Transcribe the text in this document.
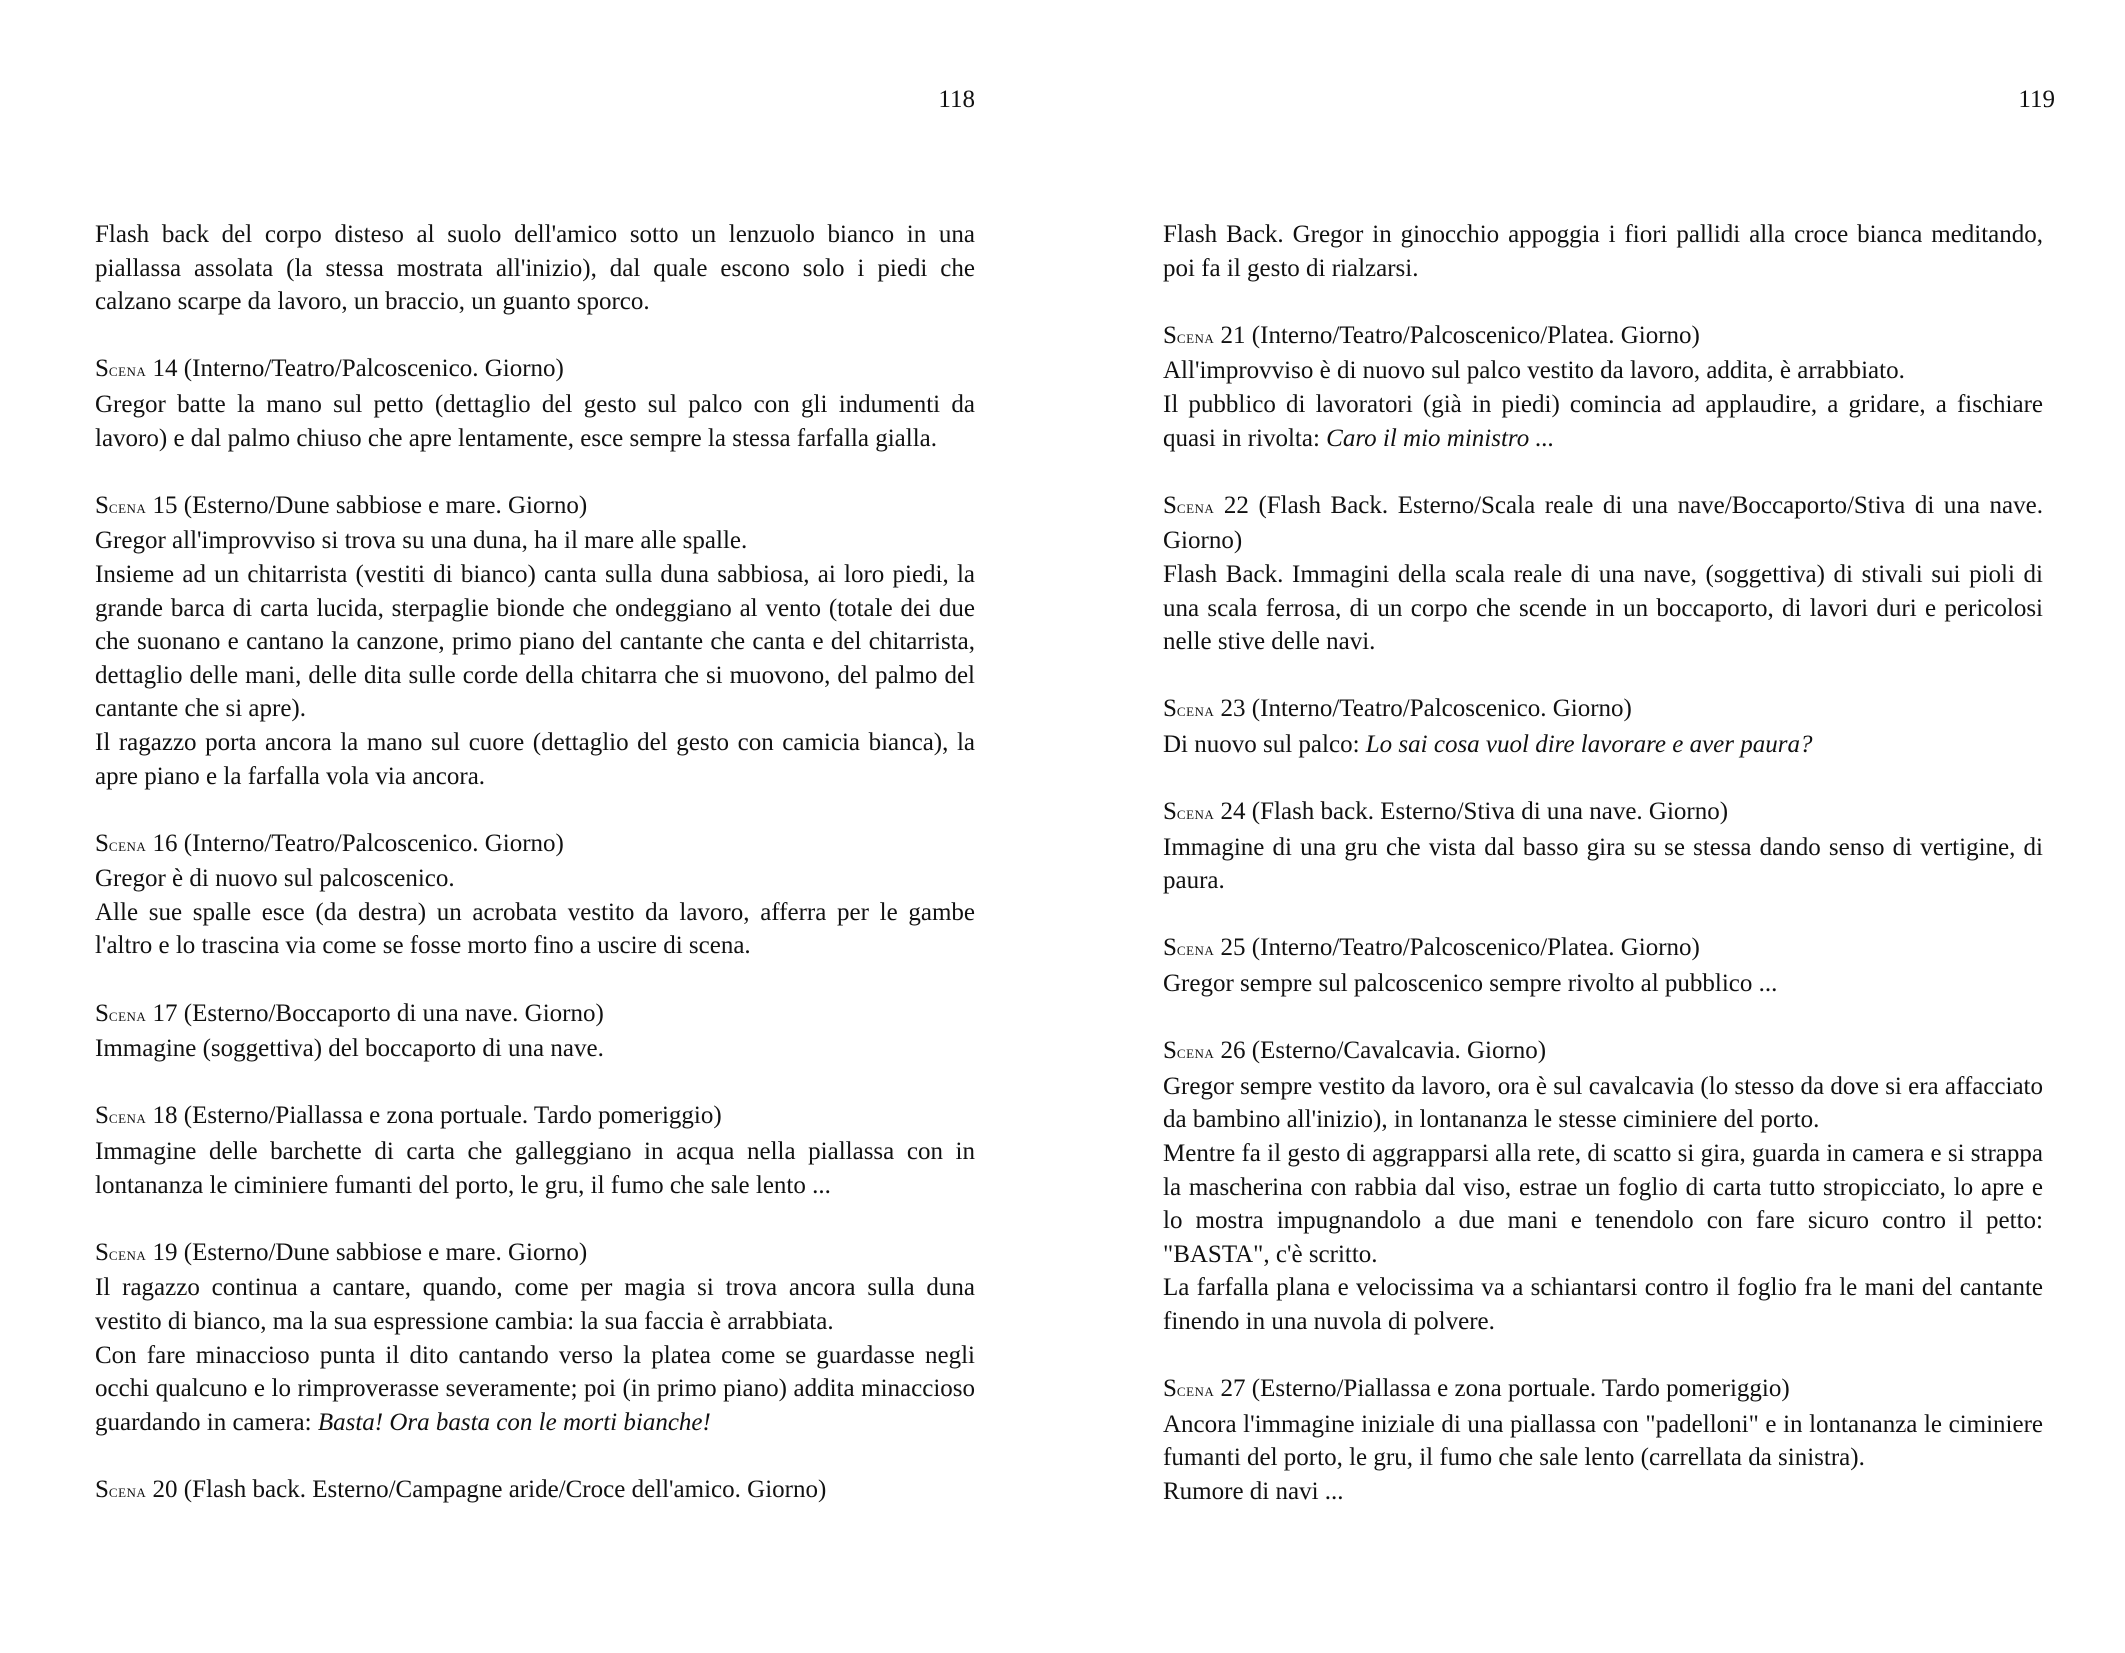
118

Flash back del corpo disteso al suolo dell'amico sotto un lenzuolo bianco in una piallassa assolata (la stessa mostrata all'inizio), dal quale escono solo i piedi che calzano scarpe da lavoro, un braccio, un guanto sporco.

Scena 14 (Interno/Teatro/Palcoscenico. Giorno)

Gregor batte la mano sul petto (dettaglio del gesto sul palco con gli indumenti da lavoro) e dal palmo chiuso che apre lentamente, esce sempre la stessa farfalla gialla.

Scena 15 (Esterno/Dune sabbiose e mare. Giorno)

Gregor all'improvviso si trova su una duna, ha il mare alle spalle.

Insieme ad un chitarrista (vestiti di bianco) canta sulla duna sabbiosa, ai loro piedi, la grande barca di carta lucida, sterpaglie bionde che ondeggiano al vento (totale dei due che suonano e cantano la canzone, primo piano del cantante che canta e del chitarrista, dettaglio delle mani, delle dita sulle corde della chitarra che si muovono, del palmo del cantante che si apre).

Il ragazzo porta ancora la mano sul cuore (dettaglio del gesto con camicia bianca), la apre piano e la farfalla vola via ancora.

Scena 16 (Interno/Teatro/Palcoscenico. Giorno)

Gregor è di nuovo sul palcoscenico.

Alle sue spalle esce (da destra) un acrobata vestito da lavoro, afferra per le gambe l'altro e lo trascina via come se fosse morto fino a uscire di scena.

Scena 17 (Esterno/Boccaporto di una nave. Giorno)

Immagine (soggettiva) del boccaporto di una nave.

Scena 18 (Esterno/Piallassa e zona portuale. Tardo pomeriggio)

Immagine delle barchette di carta che galleggiano in acqua nella piallassa con in lontananza le ciminiere fumanti del porto, le gru, il fumo che sale lento ...

Scena 19 (Esterno/Dune sabbiose e mare. Giorno)

Il ragazzo continua a cantare, quando, come per magia si trova ancora sulla duna vestito di bianco, ma la sua espressione cambia: la sua faccia è arrabbiata.

Con fare minaccioso punta il dito cantando verso la platea come se guardasse negli occhi qualcuno e lo rimproverasse severamente; poi (in primo piano) addita minaccioso guardando in camera: Basta! Ora basta con le morti bianche!

Scena 20 (Flash back. Esterno/Campagne aride/Croce dell'amico. Giorno)

119

Flash Back. Gregor in ginocchio appoggia i fiori pallidi alla croce bianca meditando, poi fa il gesto di rialzarsi.

Scena 21 (Interno/Teatro/Palcoscenico/Platea. Giorno)

All'improvviso è di nuovo sul palco vestito da lavoro, addita, è arrabbiato.

Il pubblico di lavoratori (già in piedi) comincia ad applaudire, a gridare, a fischiare quasi in rivolta: Caro il mio ministro ...

Scena 22 (Flash Back. Esterno/Scala reale di una nave/Boccaporto/Stiva di una nave. Giorno)

Flash Back. Immagini della scala reale di una nave, (soggettiva) di stivali sui pioli di una scala ferrosa, di un corpo che scende in un boccaporto, di lavori duri e pericolosi nelle stive delle navi.

Scena 23 (Interno/Teatro/Palcoscenico. Giorno)

Di nuovo sul palco: Lo sai cosa vuol dire lavorare e aver paura?

Scena 24 (Flash back. Esterno/Stiva di una nave. Giorno)

Immagine di una gru che vista dal basso gira su se stessa dando senso di vertigine, di paura.

Scena 25 (Interno/Teatro/Palcoscenico/Platea. Giorno)

Gregor sempre sul palcoscenico sempre rivolto al pubblico ...

Scena 26 (Esterno/Cavalcavia. Giorno)

Gregor sempre vestito da lavoro, ora è sul cavalcavia (lo stesso da dove si era affacciato da bambino all'inizio), in lontananza le stesse ciminiere del porto.

Mentre fa il gesto di aggrapparsi alla rete, di scatto si gira, guarda in camera e si strappa la mascherina con rabbia dal viso, estrae un foglio di carta tutto stropicciato, lo apre e lo mostra impugnandolo a due mani e tenendolo con fare sicuro contro il petto: "BASTA", c'è scritto.

La farfalla plana e velocissima va a schiantarsi contro il foglio fra le mani del cantante finendo in una nuvola di polvere.

Scena 27 (Esterno/Piallassa e zona portuale. Tardo pomeriggio)

Ancora l'immagine iniziale di una piallassa con "padelloni" e in lontananza le ciminiere fumanti del porto, le gru, il fumo che sale lento (carrellata da sinistra).

Rumore di navi ...
